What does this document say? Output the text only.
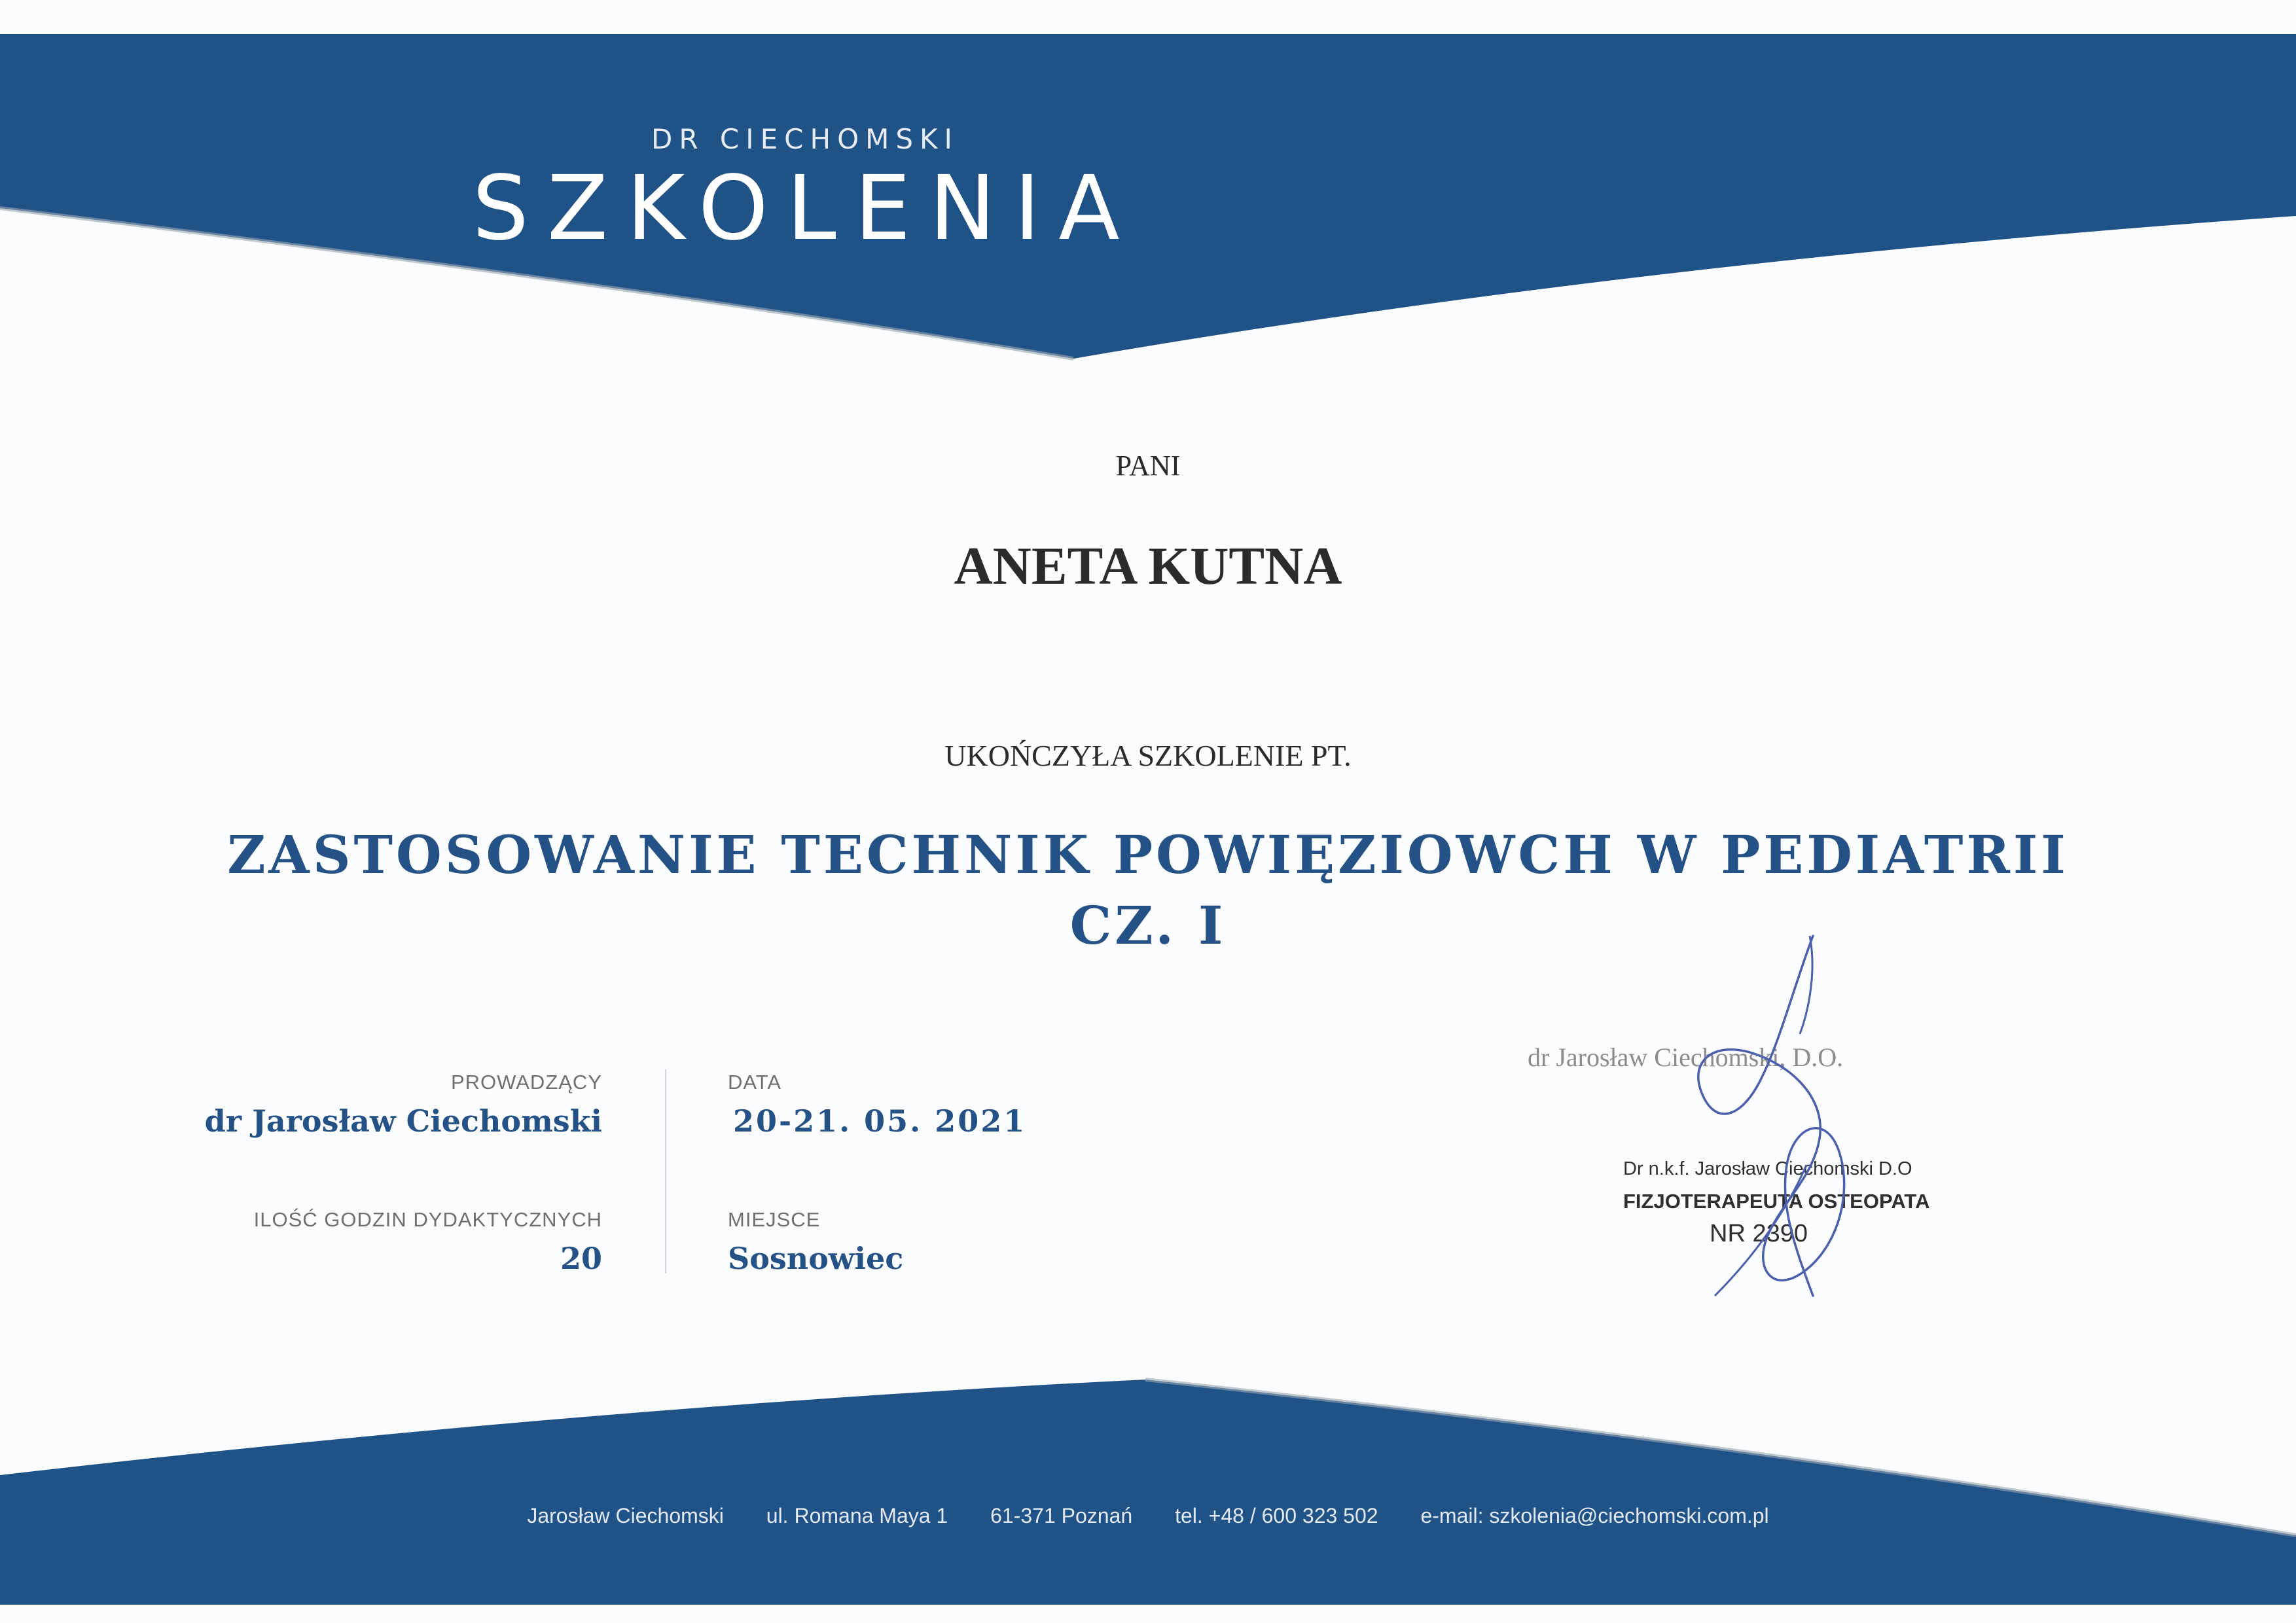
DR CIECHOMSKI
SZKOLENIA
PANI
ANETA KUTNA
UKOŃCZYŁA SZKOLENIE PT.
ZASTOSOWANIE TECHNIK POWIĘZIOWCH W PEDIATRII
CZ. I
PROWADZĄCY
dr Jarosław Ciechomski
ILOŚĆ GODZIN DYDAKTYCZNYCH
20
DATA
20-21. 05. 2021
MIEJSCE
Sosnowiec
dr Jarosław Ciechomski, D.O.
Dr n.k.f. Jarosław Ciechomski D.O
FIZJOTERAPEUTA OSTEOPATA
NR 2390
Jarosław Ciechomski ul. Romana Maya 1 61-371 Poznań tel. +48 / 600 323 502 e-mail: szkolenia@ciechomski.com.pl
